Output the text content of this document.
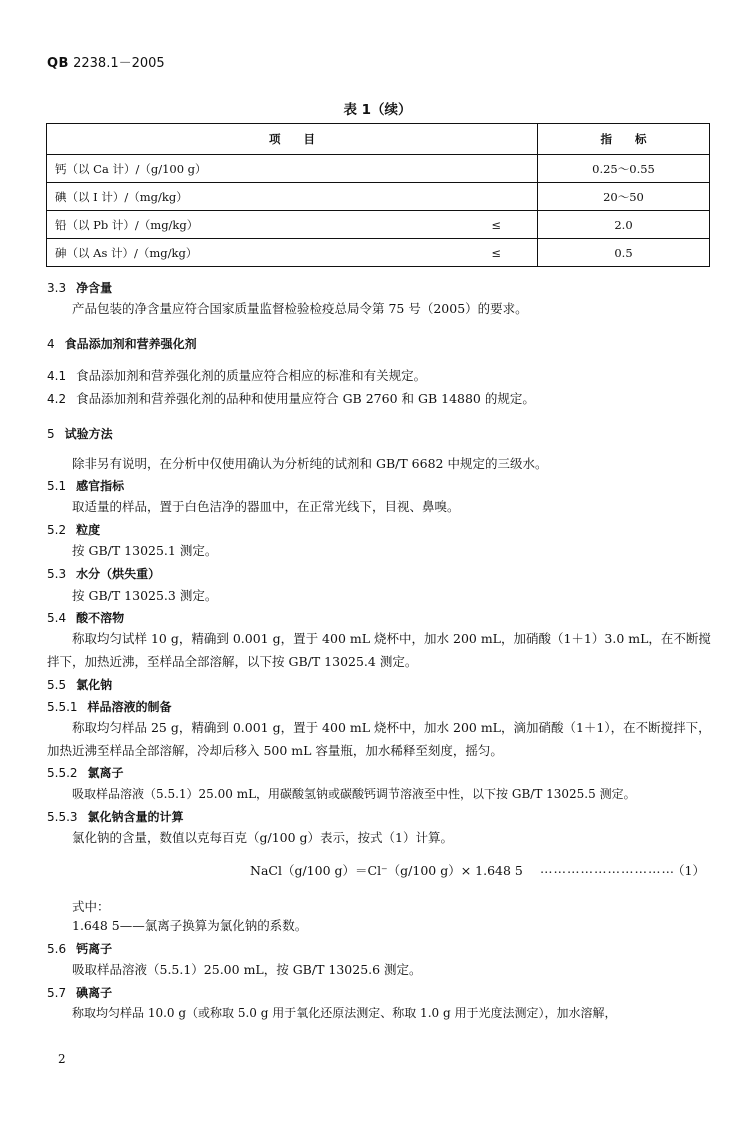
QB 2238.1－2005
表 1（续）
项　　目		指　　标
钙（以 Ca 计）/（g/100 g）		0.25～0.55
碘（以 I 计）/（mg/kg）		20～50
铅（以 Pb 计）/（mg/kg）	≤	2.0
砷（以 As 计）/（mg/kg）	≤	0.5
3.3 净含量
产品包装的净含量应符合国家质量监督检验检疫总局令第 75 号（2005）的要求。
4 食品添加剂和营养强化剂
4.1 食品添加剂和营养强化剂的质量应符合相应的标准和有关规定。
4.2 食品添加剂和营养强化剂的品种和使用量应符合 GB 2760 和 GB 14880 的规定。
5 试验方法
除非另有说明，在分析中仅使用确认为分析纯的试剂和 GB/T 6682 中规定的三级水。
5.1 感官指标
取适量的样品，置于白色洁净的器皿中，在正常光线下，目视、鼻嗅。
5.2 粒度
按 GB/T 13025.1 测定。
5.3 水分（烘失重）
按 GB/T 13025.3 测定。
5.4 酸不溶物
称取均匀试样 10 g，精确到 0.001 g，置于 400 mL 烧杯中，加水 200 mL，加硝酸（1＋1）3.0 mL，在不断搅拌下，加热近沸，至样品全部溶解，以下按 GB/T 13025.4 测定。
5.5 氯化钠
5.5.1 样品溶液的制备
称取均匀样品 25 g，精确到 0.001 g，置于 400 mL 烧杯中，加水 200 mL，滴加硝酸（1＋1），在不断搅拌下，加热近沸至样品全部溶解，冷却后移入 500 mL 容量瓶，加水稀释至刻度，摇匀。
5.5.2 氯离子
吸取样品溶液（5.5.1）25.00 mL，用碳酸氢钠或碳酸钙调节溶液至中性，以下按 GB/T 13025.5 测定。
5.5.3 氯化钠含量的计算
氯化钠的含量，数值以克每百克（g/100 g）表示，按式（1）计算。
NaCl（g/100 g）＝Cl⁻（g/100 g）× 1.648 5 …………………………
（1）
式中：
1.648 5——氯离子换算为氯化钠的系数。
5.6 钙离子
吸取样品溶液（5.5.1）25.00 mL，按 GB/T 13025.6 测定。
5.7 碘离子
称取均匀样品 10.0 g（或称取 5.0 g 用于氧化还原法测定、称取 1.0 g 用于光度法测定），加水溶解，
2
